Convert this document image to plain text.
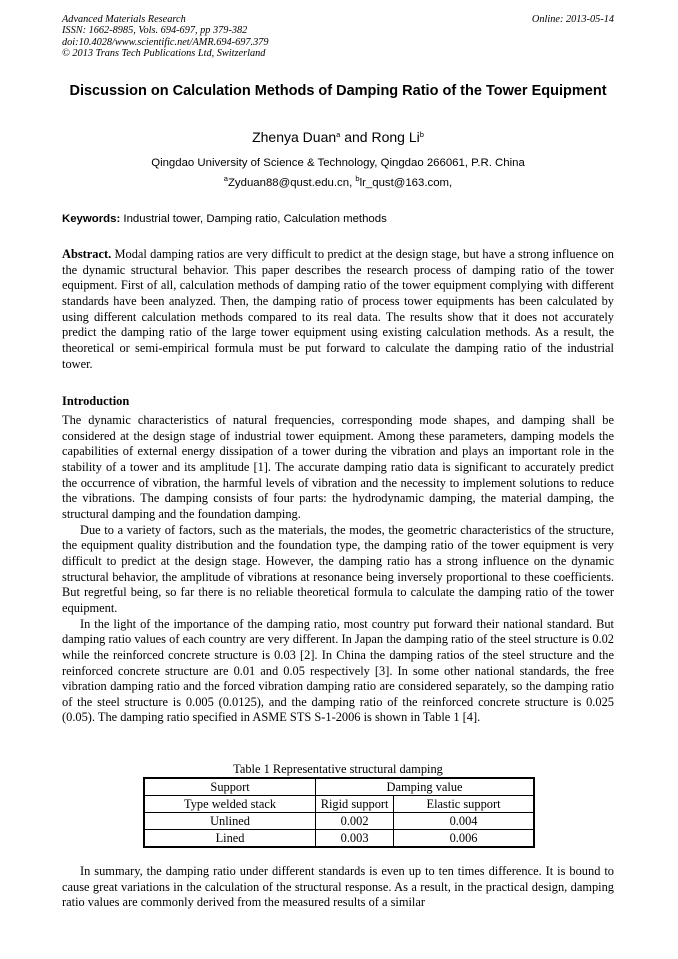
Advanced Materials Research
ISSN: 1662-8985, Vols. 694-697, pp 379-382
doi:10.4028/www.scientific.net/AMR.694-697.379
© 2013 Trans Tech Publications Ltd, Switzerland
Online: 2013-05-14
Discussion on Calculation Methods of Damping Ratio of the Tower Equipment
Zhenya Duan$^a$ and Rong Li$^b$
Qingdao University of Science & Technology, Qingdao 266061, P.R. China
$^a$Zyduan88@qust.edu.cn, $^b$lr_qust@163.com,
Keywords: Industrial tower, Damping ratio, Calculation methods

Abstract. Modal damping ratios are very difficult to predict at the design stage, but have a strong influence on the dynamic structural behavior. This paper describes the research process of damping ratio of the tower equipment. First of all, calculation methods of damping ratio of the tower equipment complying with different standards have been analyzed. Then, the damping ratio of process tower equipments has been calculated by using different calculation methods compared to its real data. The results show that it does not accurately predict the damping ratio of the large tower equipment using existing calculation methods. As a result, the theoretical or semi-empirical formula must be put forward to calculate the damping ratio of the industrial tower.

Introduction

The dynamic characteristics of natural frequencies, corresponding mode shapes, and damping shall be considered at the design stage of industrial tower equipment. Among these parameters, damping models the capabilities of external energy dissipation of a tower during the vibration and plays an important role in the stability of a tower and its amplitude [1]. The accurate damping ratio data is significant to accurately predict the occurrence of vibration, the harmful levels of vibration and the necessity to implement solutions to reduce the vibrations. The damping consists of four parts: the hydrodynamic damping, the material damping, the structural damping and the foundation damping.

Due to a variety of factors, such as the materials, the modes, the geometric characteristics of the structure, the equipment quality distribution and the foundation type, the damping ratio of the tower equipment is very difficult to predict at the design stage. However, the damping ratio has a strong influence on the dynamic structural behavior, the amplitude of vibrations at resonance being inversely proportional to these coefficients. But regretful being, so far there is no reliable theoretical formula to calculate the damping ratio of the tower equipment.

In the light of the importance of the damping ratio, most country put forward their national standard. But damping ratio values of each country are very different. In Japan the damping ratio of the steel structure is 0.02 while the reinforced concrete structure is 0.03 [2]. In China the damping ratios of the steel structure and the reinforced concrete structure are 0.01 and 0.05 respectively [3]. In some other national standards, the free vibration damping ratio and the forced vibration damping ratio are considered separately, so the damping ratio of the steel structure is 0.005 (0.0125), and the damping ratio of the reinforced concrete structure is 0.025 (0.05). The damping ratio specified in ASME STS S-1-2006 is shown in Table 1 [4].

Table 1 Representative structural damping
Support	Damping value	
Type welded stack	Rigid support	Elastic support
Unlined	0.002	0.004
Lined	0.003	0.006

In summary, the damping ratio under different standards is even up to ten times difference. It is bound to cause great variations in the calculation of the structural response. As a result, in the practical design, damping ratio values are commonly derived from the measured results of a similar
